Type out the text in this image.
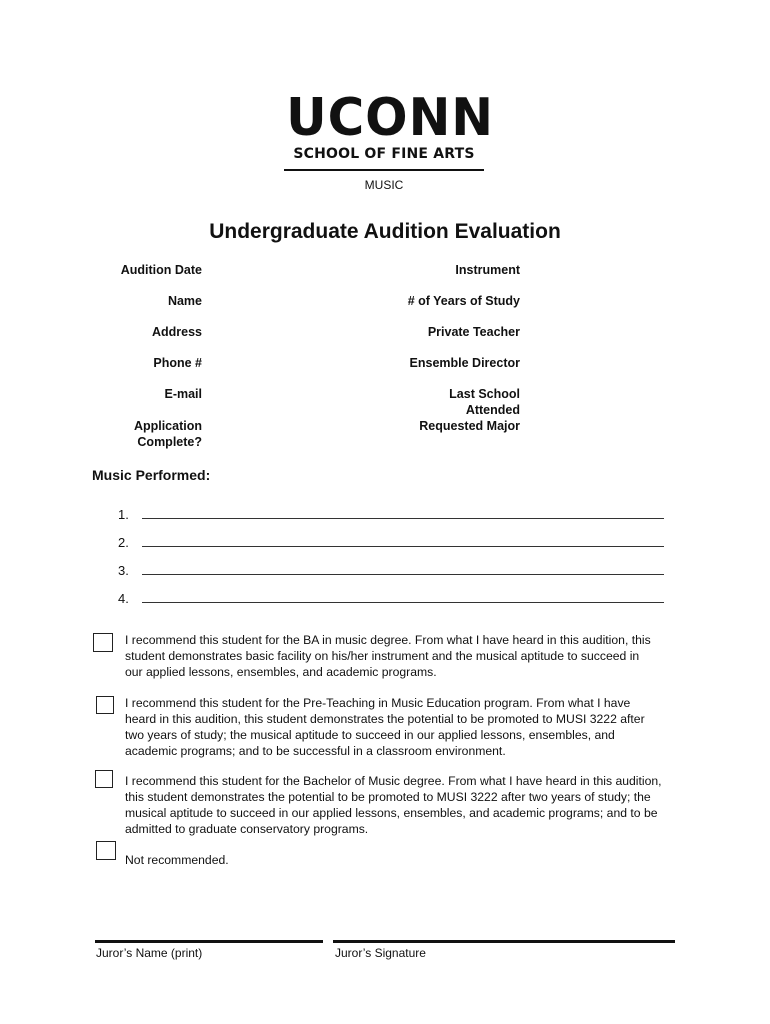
UCONN
SCHOOL OF FINE ARTS
MUSIC
Undergraduate Audition Evaluation
Audition Date
Name
Address
Phone #
E-mail
Application
Complete?
Instrument
# of Years of Study
Private Teacher
Ensemble Director
Last School
Attended
Requested Major
Music Performed:
1.
2.
3.
4.
I recommend this student for the BA in music degree. From what I have heard in this audition, this
student demonstrates basic facility on his/her instrument and the musical aptitude to succeed in
our applied lessons, ensembles, and academic programs.
I recommend this student for the Pre-Teaching in Music Education program. From what I have
heard in this audition, this student demonstrates the potential to be promoted to MUSI 3222 after
two years of study; the musical aptitude to succeed in our applied lessons, ensembles, and
academic programs; and to be successful in a classroom environment.
I recommend this student for the Bachelor of Music degree. From what I have heard in this audition,
this student demonstrates the potential to be promoted to MUSI 3222 after two years of study; the
musical aptitude to succeed in our applied lessons, ensembles, and academic programs; and to be
admitted to graduate conservatory programs.
Not recommended.
Juror’s Name (print)	Juror’s Signature
